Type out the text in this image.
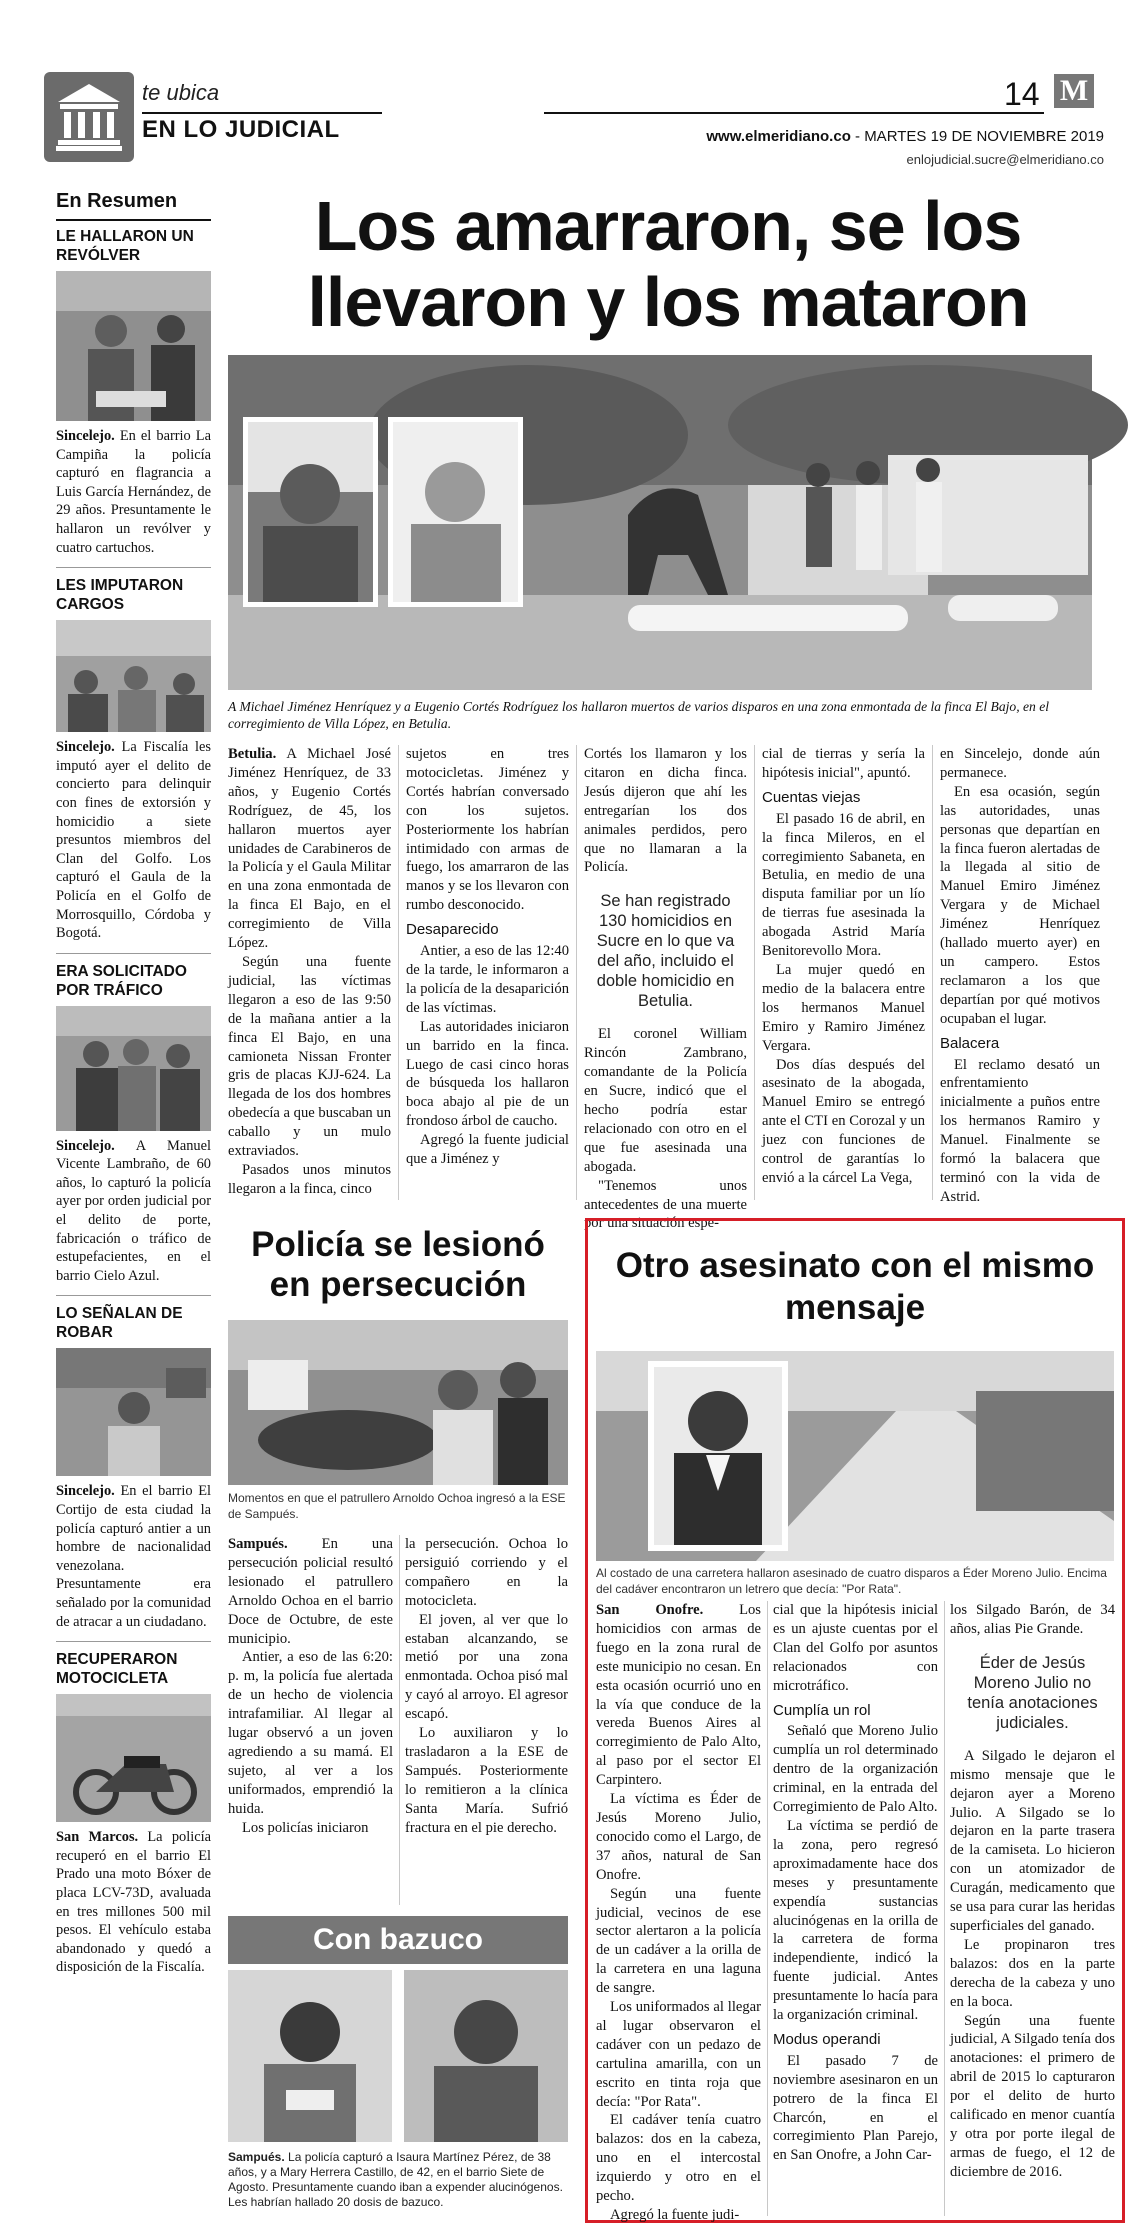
te ubica
EN LO JUDICIAL
14 M
www.elmeridiano.co - MARTES 19 DE NOVIEMBRE 2019
enlojudicial.sucre@elmeridiano.co
En Resumen
LE HALLARON UN REVÓLVER
Sincelejo. En el barrio La Campiña la policía capturó en flagrancia a Luis García Hernández, de 29 años. Presuntamente le hallaron un revólver y cuatro cartuchos.
LES IMPUTARON CARGOS
Sincelejo. La Fiscalía les imputó ayer el delito de concierto para delinquir con fines de extorsión y homicidio a siete presuntos miembros del Clan del Golfo. Los capturó el Gaula de la Policía en el Golfo de Morrosquillo, Córdoba y Bogotá.
ERA SOLICITADO POR TRÁFICO
Sincelejo. A Manuel Vicente Lambraño, de 60 años, lo capturó la policía ayer por orden judicial por el delito de porte, fabricación o tráfico de estupefacientes, en el barrio Cielo Azul.
LO SEÑALAN DE ROBAR
Sincelejo. En el barrio El Cortijo de esta ciudad la policía capturó antier a un hombre de nacionalidad venezolana. Presuntamente era señalado por la comunidad de atracar a un ciudadano.
RECUPERARON MOTOCICLETA
San Marcos. La policía recuperó en el barrio El Prado una moto Bóxer de placa LCV-73D, avaluada en tres millones 500 mil pesos. El vehículo estaba abandonado y quedó a disposición de la Fiscalía.
Los amarraron, se los llevaron y los mataron
A Michael Jiménez Henríquez y a Eugenio Cortés Rodríguez los hallaron muertos de varios disparos en una zona enmontada de la finca El Bajo, en el corregimiento de Villa López, en Betulia.

Betulia. A Michael José Jiménez Henríquez, de 33 años, y Eugenio Cortés Rodríguez, de 45, los hallaron muertos ayer unidades de Carabineros de la Policía y el Gaula Militar en una zona enmontada de la finca El Bajo, en el corregimiento de Villa López.

Según una fuente judicial, las víctimas llegaron a eso de las 9:50 de la mañana antier a la finca El Bajo, en una camioneta Nissan Fronter gris de placas KJJ-624. La llegada de los dos hombres obedecía a que buscaban un caballo y un mulo extraviados.

Pasados unos minutos llegaron a la finca, cinco

sujetos en tres motocicletas. Jiménez y Cortés habrían conversado con los sujetos. Posteriormente los habrían intimidado con armas de fuego, los amarraron de las manos y se los llevaron con rumbo desconocido.

Desaparecido

Antier, a eso de las 12:40 de la tarde, le informaron a la policía de la desaparición de las víctimas.

Las autoridades iniciaron un barrido en la finca. Luego de casi cinco horas de búsqueda los hallaron boca abajo al pie de un frondoso árbol de caucho.

Agregó la fuente judicial que a Jiménez y

Cortés los llamaron y los citaron en dicha finca. Jesús dijeron que ahí les entregarían los dos animales perdidos, pero que no llamaran a la Policía.

Se han registrado 130 homicidios en Sucre en lo que va del año, incluido el doble homicidio en Betulia.

El coronel William Rincón Zambrano, comandante de la Policía en Sucre, indicó que el hecho podría estar relacionado con otro en el que fue asesinada una abogada.

"Tenemos unos antecedentes de una muerte por una situación espe-

cial de tierras y sería la hipótesis inicial", apuntó.

Cuentas viejas

El pasado 16 de abril, en la finca Mileros, en el corregimiento Sabaneta, en Betulia, en medio de una disputa familiar por un lío de tierras fue asesinada la abogada Astrid María Benitorevollo Mora.

La mujer quedó en medio de la balacera entre los hermanos Manuel Emiro y Ramiro Jiménez Vergara.

Dos días después del asesinato de la abogada, Manuel Emiro se entregó ante el CTI en Corozal y un juez con funciones de control de garantías lo envió a la cárcel La Vega,

en Sincelejo, donde aún permanece.

En esa ocasión, según las autoridades, unas personas que departían en la finca fueron alertadas de la llegada al sitio de Manuel Emiro Jiménez Vergara y de Michael Jiménez Henríquez (hallado muerto ayer) en un campero. Estos reclamaron a los que departían por qué motivos ocupaban el lugar.

Balacera

El reclamo desató un enfrentamiento inicialmente a puños entre los hermanos Ramiro y Manuel. Finalmente se formó la balacera que terminó con la vida de Astrid.

Policía se lesionó en persecución
Momentos en que el patrullero Arnoldo Ochoa ingresó a la ESE de Sampués.

Sampués. En una persecución policial resultó lesionado el patrullero Arnoldo Ochoa en el barrio Doce de Octubre, de este municipio.

Antier, a eso de las 6:20: p. m, la policía fue alertada de un hecho de violencia intrafamiliar. Al llegar al lugar observó a un joven agrediendo a su mamá. El sujeto, al ver a los uniformados, emprendió la huida.

Los policías iniciaron

la persecución. Ochoa lo persiguió corriendo y el compañero en la motocicleta.

El joven, al ver que lo estaban alcanzando, se metió por una zona enmontada. Ochoa pisó mal y cayó al arroyo. El agresor escapó.

Lo auxiliaron y lo trasladaron a la ESE de Sampués. Posteriormente lo remitieron a la clínica Santa María. Sufrió fractura en el pie derecho.

Con bazuco
Sampués. La policía capturó a Isaura Martínez Pérez, de 38 años, y a Mary Herrera Castillo, de 42, en el barrio Siete de Agosto. Presuntamente cuando iban a expender alucinógenos. Les habrían hallado 20 dosis de bazuco.
Otro asesinato con el mismo mensaje
Al costado de una carretera hallaron asesinado de cuatro disparos a Éder Moreno Julio. Encima del cadáver encontraron un letrero que decía: "Por Rata".

San Onofre. Los homicidios con armas de fuego en la zona rural de este municipio no cesan. En esta ocasión ocurrió uno en la vía que conduce de la vereda Buenos Aires al corregimiento de Palo Alto, al paso por el sector El Carpintero.

La víctima es Éder de Jesús Moreno Julio, conocido como el Largo, de 37 años, natural de San Onofre.

Según una fuente judicial, vecinos de ese sector alertaron a la policía de un cadáver a la orilla de la carretera en una laguna de sangre.

Los uniformados al llegar al lugar observaron el cadáver con un pedazo de cartulina amarilla, con un escrito en tinta roja que decía: "Por Rata".

El cadáver tenía cuatro balazos: dos en la cabeza, uno en el intercostal izquierdo y otro en el pecho.

Agregó la fuente judi-

cial que la hipótesis inicial es un ajuste cuentas por el Clan del Golfo por asuntos relacionados con microtráfico.

Cumplía un rol

Señaló que Moreno Julio cumplía un rol determinado dentro de la organización criminal, en la entrada del Corregimiento de Palo Alto.

La víctima se perdió de la zona, pero regresó aproximadamente hace dos meses y presuntamente expendía sustancias alucinógenas en la orilla de la carretera de forma independiente, indicó la fuente judicial. Antes presuntamente lo hacía para la organización criminal.

Modus operandi

El pasado 7 de noviembre asesinaron en un potrero de la finca El Charcón, en el corregimiento Plan Parejo, en San Onofre, a John Car-

los Silgado Barón, de 34 años, alias Pie Grande.

Éder de Jesús Moreno Julio no tenía anotaciones judiciales.

A Silgado le dejaron el mismo mensaje que le dejaron ayer a Moreno Julio. A Silgado se lo dejaron en la parte trasera de la camiseta. Lo hicieron con un atomizador de Curagán, medicamento que se usa para curar las heridas superficiales del ganado.

Le propinaron tres balazos: dos en la parte derecha de la cabeza y uno en la boca.

Según una fuente judicial, A Silgado tenía dos anotaciones: el primero de abril de 2015 lo capturaron por el delito de hurto calificado en menor cuantía y otra por porte ilegal de armas de fuego, el 12 de diciembre de 2016.
